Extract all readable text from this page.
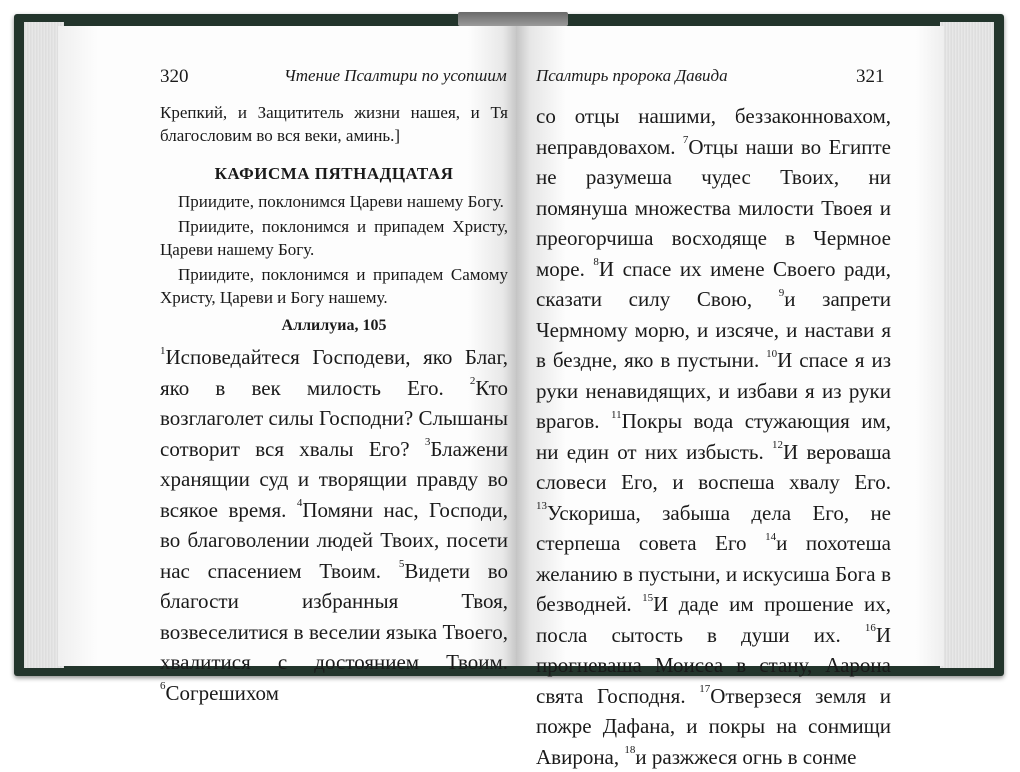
320	Чтение Псалтири по усопшим

Крепкий, и Защититель жизни нашея, и Тя благословим во вся веки, аминь.]

КАФИСМА ПЯТНАДЦАТАЯ

Приидите, поклонимся Цареви нашему Богу.

Приидите, поклонимся и припадем Христу, Цареви нашему Богу.

Приидите, поклонимся и припадем Самому Христу, Цареви и Богу нашему.

Аллилуиа, 105

$^1$Исповедайтеся Господеви, яко Благ, яко в век милость Его. $^2$Кто возглаголет силы Господни? Слышаны сотворит вся хвалы Его? $^3$Блажени хранящии суд и творящии правду во всякое время. $^4$Помяни нас, Господи, во благоволении людей Твоих, посети нас спасением Твоим. $^5$Видети во благости избранныя Твоя, возвеселитися в веселии языка Твоего, хвалитися с достоянием Твоим. $^6$Согрешихом

Псалтирь пророка Давида	321

со отцы нашими, беззаконновахом, неправдовахом. $^7$Отцы наши во Египте не разумеша чудес Твоих, ни помянуша множества милости Твоея и преогорчиша восходяще в Чермное море. $^8$И спасе их имене Своего ради, сказати силу Свою, $^9$и запрети Чермному морю, и изсяче, и настави я в бездне, яко в пустыни. $^{10}$И спасе я из руки ненавидящих, и избави я из руки врагов. $^{11}$Покры вода стужающия им, ни един от них избысть. $^{12}$И вероваша словеси Его, и воспеша хвалу Его. $^{13}$Ускориша, забыша дела Его, не стерпеша совета Его $^{14}$и похотеша желанию в пустыни, и искусиша Бога в безводней. $^{15}$И даде им прошение их, посла сытость в души их. $^{16}$И прогневаша Моисеа в стану, Аарона свята Господня. $^{17}$Отверзеся земля и пожре Дафана, и покры на сонмищи Авирона, $^{18}$и разжжеся огнь в сонме
